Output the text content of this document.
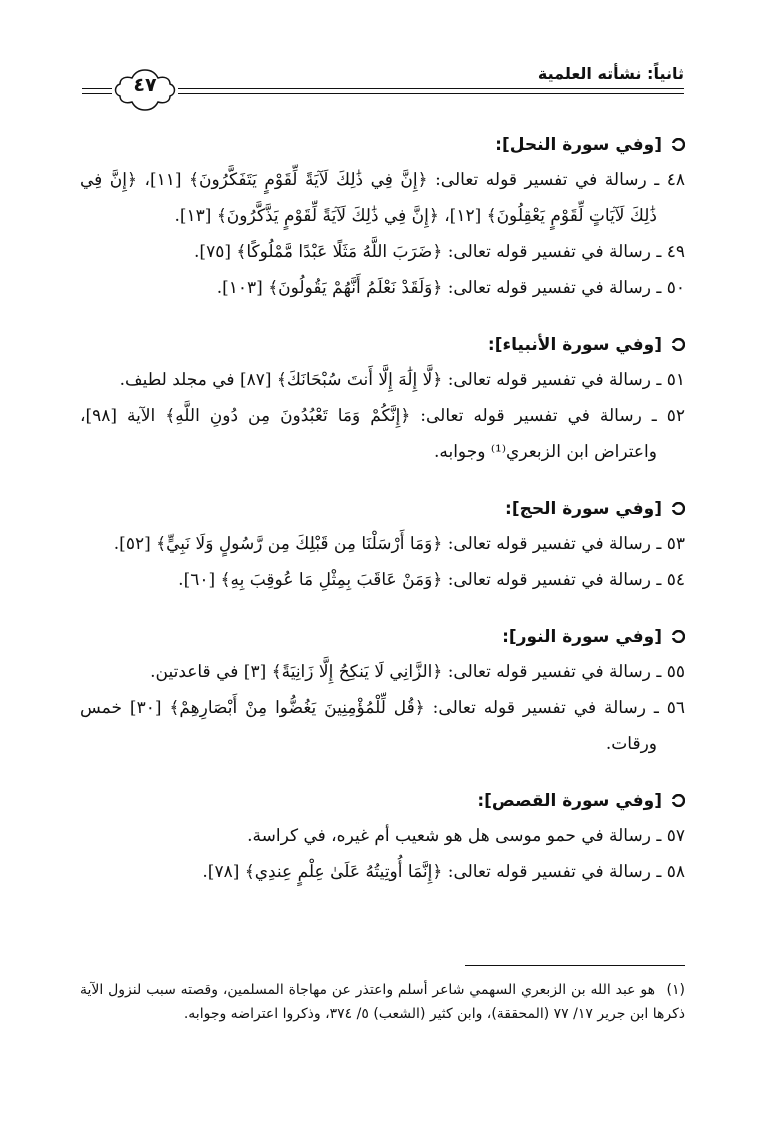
ثانياً: نشأته العلمية
٤٧
[وفي سورة النحل]:
٤٨ ـ رسالة في تفسير قوله تعالى: ﴿إِنَّ فِي ذَٰلِكَ لَآيَةً لِّقَوْمٍ يَتَفَكَّرُونَ﴾ [١١]، ﴿إِنَّ فِي ذَٰلِكَ لَآيَاتٍ لِّقَوْمٍ يَعْقِلُونَ﴾ [١٢]، ﴿إِنَّ فِي ذَٰلِكَ لَآيَةً لِّقَوْمٍ يَذَّكَّرُونَ﴾ [١٣].
٤٩ ـ رسالة في تفسير قوله تعالى: ﴿ضَرَبَ اللَّهُ مَثَلًا عَبْدًا مَّمْلُوكًا﴾ [٧٥].
٥٠ ـ رسالة في تفسير قوله تعالى: ﴿وَلَقَدْ نَعْلَمُ أَنَّهُمْ يَقُولُونَ﴾ [١٠٣].
[وفي سورة الأنبياء]:
٥١ ـ رسالة في تفسير قوله تعالى: ﴿لَّا إِلَٰهَ إِلَّا أَنتَ سُبْحَانَكَ﴾ [٨٧] في مجلد لطيف.
٥٢ ـ رسالة في تفسير قوله تعالى: ﴿إِنَّكُمْ وَمَا تَعْبُدُونَ مِن دُونِ اللَّهِ﴾ الآية [٩٨]، واعتراض ابن الزبعري⁽¹⁾ وجوابه.
[وفي سورة الحج]:
٥٣ ـ رسالة في تفسير قوله تعالى: ﴿وَمَا أَرْسَلْنَا مِن قَبْلِكَ مِن رَّسُولٍ وَلَا نَبِيٍّ﴾ [٥٢].
٥٤ ـ رسالة في تفسير قوله تعالى: ﴿وَمَنْ عَاقَبَ بِمِثْلِ مَا عُوقِبَ بِهِ﴾ [٦٠].
[وفي سورة النور]:
٥٥ ـ رسالة في تفسير قوله تعالى: ﴿الزَّانِي لَا يَنكِحُ إِلَّا زَانِيَةً﴾ [٣] في قاعدتين.
٥٦ ـ رسالة في تفسير قوله تعالى: ﴿قُل لِّلْمُؤْمِنِينَ يَغُضُّوا مِنْ أَبْصَارِهِمْ﴾ [٣٠] خمس ورقات.
[وفي سورة القصص]:
٥٧ ـ رسالة في حمو موسى هل هو شعيب أم غيره، في كراسة.
٥٨ ـ رسالة في تفسير قوله تعالى: ﴿إِنَّمَا أُوتِيتُهُ عَلَىٰ عِلْمٍ عِندِي﴾ [٧٨].
(١)هو عبد الله بن الزبعري السهمي شاعر أسلم واعتذر عن مهاجاة المسلمين، وقصته سبب لنزول الآية ذكرها ابن جرير ١٧/ ٧٧ (المحققة)، وابن كثير (الشعب) ٥/ ٣٧٤، وذكروا اعتراضه وجوابه.
